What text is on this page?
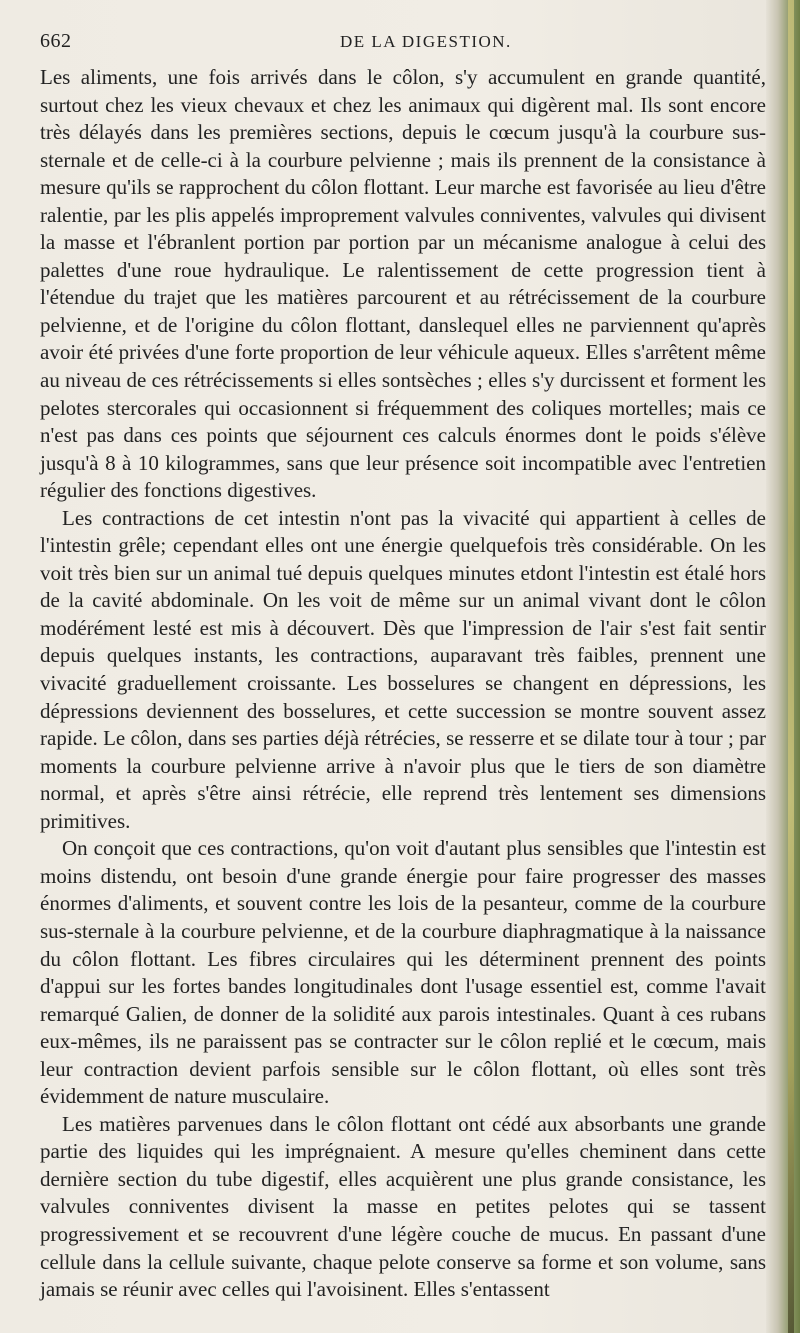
662	DE LA DIGESTION.

Les aliments, une fois arrivés dans le côlon, s'y accumulent en grande quantité, surtout chez les vieux chevaux et chez les animaux qui digèrent mal. Ils sont encore très délayés dans les premières sections, depuis le cœcum jusqu'à la courbure sus-sternale et de celle-ci à la courbure pelvienne ; mais ils prennent de la consistance à mesure qu'ils se rapprochent du côlon flottant. Leur marche est favorisée au lieu d'être ralentie, par les plis appelés improprement valvules conniventes, valvules qui divisent la masse et l'ébranlent portion par portion par un mécanisme analogue à celui des palettes d'une roue hydraulique. Le ralentissement de cette progression tient à l'étendue du trajet que les matières parcourent et au rétrécissement de la courbure pelvienne, et de l'origine du côlon flottant, danslequel elles ne parviennent qu'après avoir été privées d'une forte proportion de leur véhicule aqueux. Elles s'arrêtent même au niveau de ces rétrécissements si elles sontsèches ; elles s'y durcissent et forment les pelotes stercorales qui occasionnent si fréquemment des coliques mortelles; mais ce n'est pas dans ces points que séjournent ces calculs énormes dont le poids s'élève jusqu'à 8 à 10 kilogrammes, sans que leur présence soit incompatible avec l'entretien régulier des fonctions digestives.

Les contractions de cet intestin n'ont pas la vivacité qui appartient à celles de l'intestin grêle; cependant elles ont une énergie quelquefois très considérable. On les voit très bien sur un animal tué depuis quelques minutes etdont l'intestin est étalé hors de la cavité abdominale. On les voit de même sur un animal vivant dont le côlon modérément lesté est mis à découvert. Dès que l'impression de l'air s'est fait sentir depuis quelques instants, les contractions, auparavant très faibles, prennent une vivacité graduellement croissante. Les bosselures se changent en dépressions, les dépressions deviennent des bosselures, et cette succession se montre souvent assez rapide. Le côlon, dans ses parties déjà rétrécies, se resserre et se dilate tour à tour ; par moments la courbure pelvienne arrive à n'avoir plus que le tiers de son diamètre normal, et après s'être ainsi rétrécie, elle reprend très lentement ses dimensions primitives.

On conçoit que ces contractions, qu'on voit d'autant plus sensibles que l'intestin est moins distendu, ont besoin d'une grande énergie pour faire progresser des masses énormes d'aliments, et souvent contre les lois de la pesanteur, comme de la courbure sus-sternale à la courbure pelvienne, et de la courbure diaphragmatique à la naissance du côlon flottant. Les fibres circulaires qui les déterminent prennent des points d'appui sur les fortes bandes longitudinales dont l'usage essentiel est, comme l'avait remarqué Galien, de donner de la solidité aux parois intestinales. Quant à ces rubans eux-mêmes, ils ne paraissent pas se contracter sur le côlon replié et le cœcum, mais leur contraction devient parfois sensible sur le côlon flottant, où elles sont très évidemment de nature musculaire.

Les matières parvenues dans le côlon flottant ont cédé aux absorbants une grande partie des liquides qui les imprégnaient. A mesure qu'elles cheminent dans cette dernière section du tube digestif, elles acquièrent une plus grande consistance, les valvules conniventes divisent la masse en petites pelotes qui se tassent progressivement et se recouvrent d'une légère couche de mucus. En passant d'une cellule dans la cellule suivante, chaque pelote conserve sa forme et son volume, sans jamais se réunir avec celles qui l'avoisinent. Elles s'entassent
